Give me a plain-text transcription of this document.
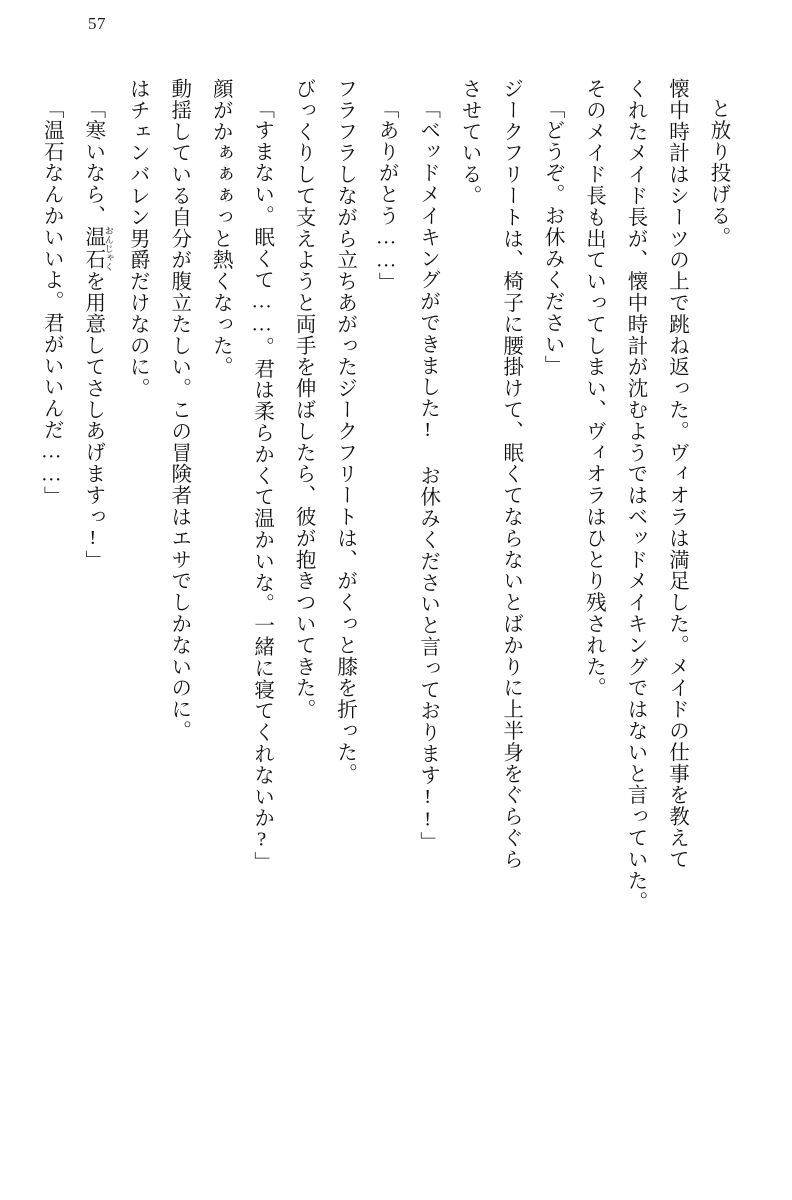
57

と放り投げる。

懐中時計はシーツの上で跳ね返った。ヴィオラは満足した。メイドの仕事を教えて

くれたメイド長が、懐中時計が沈むようではベッドメイキングではないと言っていた。

そのメイド長も出ていってしまい、ヴィオラはひとり残された。

「どうぞ。お休みください」

ジークフリートは、椅子に腰掛けて、眠くてならないとばかりに上半身をぐらぐら

させている。

「ベッドメイキングができました! お休みくださいと言っております!!」

「ありがとう……」

フラフラしながら立ちあがったジークフリートは、がくっと膝を折った。

びっくりして支えようと両手を伸ばしたら、彼が抱きついてきた。

「すまない。眠くて……。君は柔らかくて温かいな。一緒に寝てくれないか?」

顔がかぁぁぁっと熱くなった。

動揺している自分が腹立たしい。この冒険者はエサでしかないのに。

はチェンバレン男爵だけなのに。

「寒いなら、温石 おんじゃくを用意してさしあげますっ!」

「温石なんかいいよ。君がいいんだ……」
